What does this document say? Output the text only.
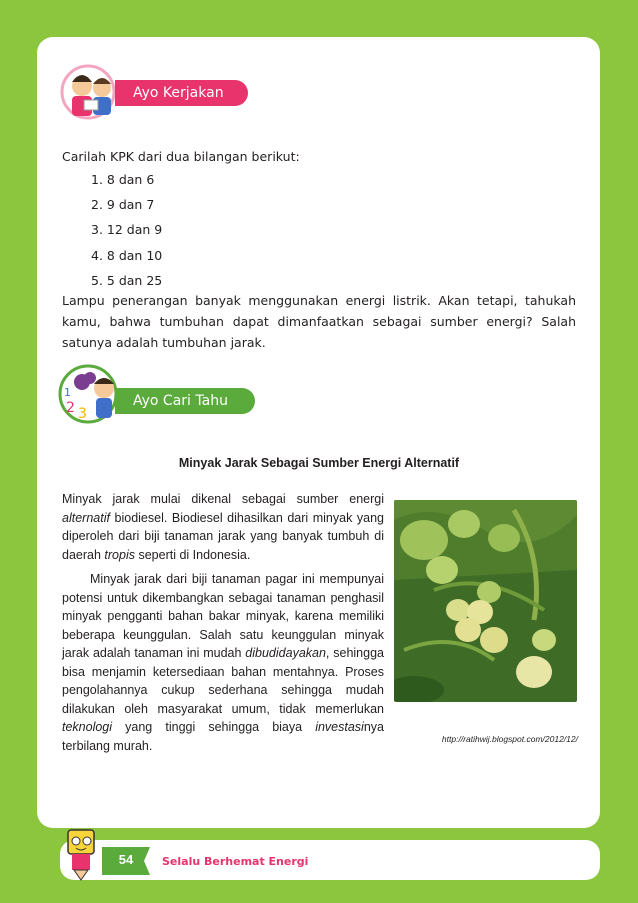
Ayo Kerjakan
Carilah KPK dari dua bilangan berikut:
1. 8 dan 6
2. 9 dan 7
3. 12 dan 9
4. 8 dan 10
5. 5 dan 25
Lampu penerangan banyak menggunakan energi listrik. Akan tetapi, tahukah kamu, bahwa tumbuhan dapat dimanfaatkan sebagai sumber energi? Salah satunya adalah tumbuhan jarak.
2 3
1
Ayo Cari Tahu
Minyak Jarak Sebagai Sumber Energi Alternatif

Minyak jarak mulai dikenal sebagai sumber energi alternatif biodiesel. Biodiesel dihasilkan dari minyak yang diperoleh dari biji tanaman jarak yang banyak tumbuh di daerah tropis seperti di Indonesia.

Minyak jarak dari biji tanaman pagar ini mempunyai potensi untuk dikembangkan sebagai tanaman penghasil minyak pengganti bahan bakar minyak, karena memiliki beberapa keunggulan. Salah satu keunggulan minyak jarak adalah tanaman ini mudah dibudidayakan, sehingga bisa menjamin ketersediaan bahan mentahnya. Proses pengolahannya cukup sederhana sehingga mudah dilakukan oleh masyarakat umum, tidak memerlukan teknologi yang tinggi sehingga biaya investasinya terbilang murah.	http://ratihwij.blogspot.com/2012/12/
54	Selalu Berhemat Energi
